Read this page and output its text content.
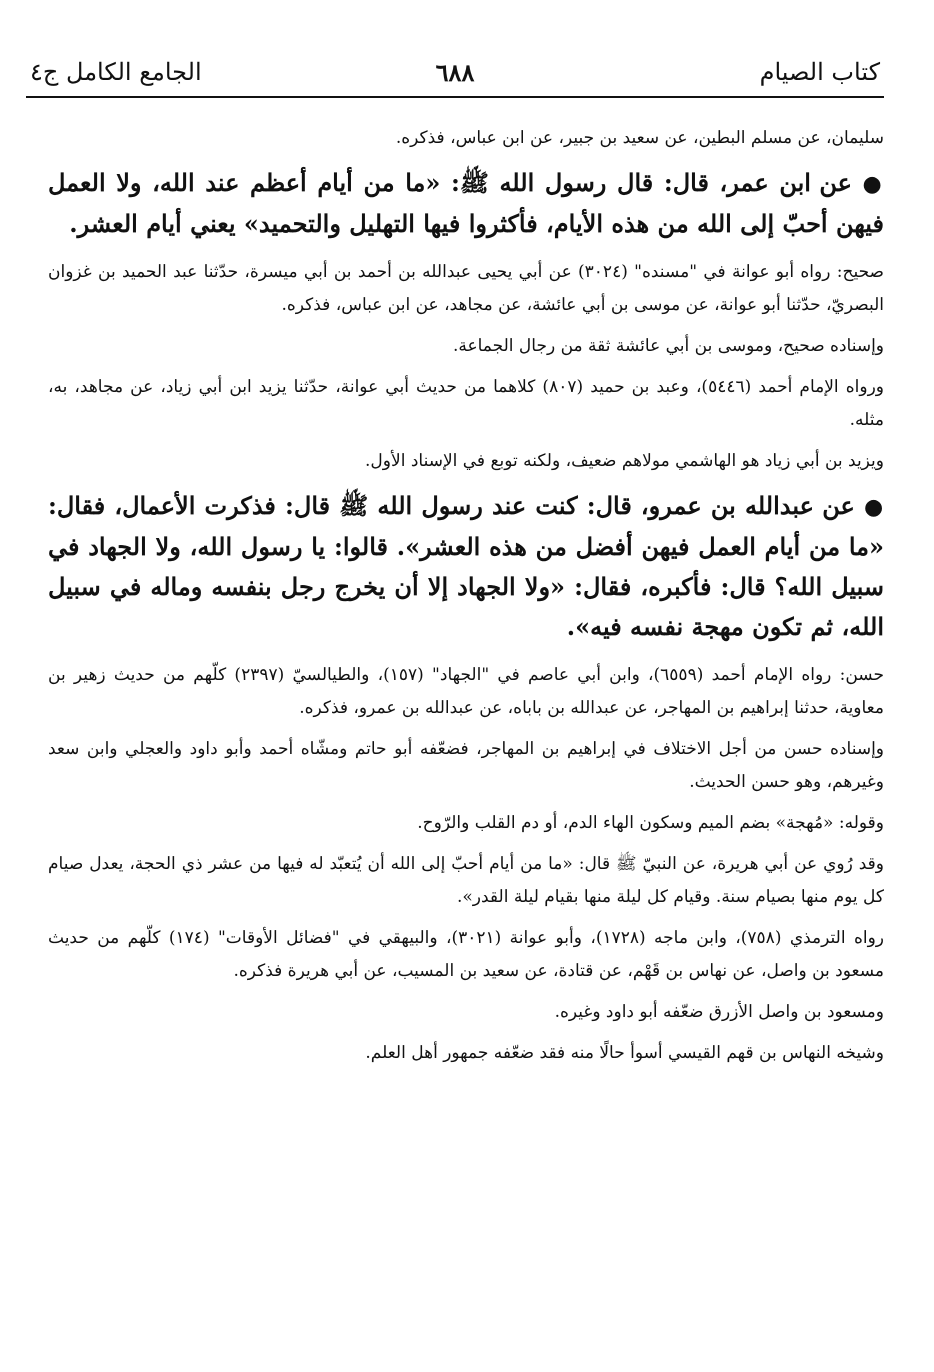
كتاب الصيام
٦٨٨
الجامع الكامل ج٤

سليمان، عن مسلم البطين، عن سعيد بن جبير، عن ابن عباس، فذكره.

● عن ابن عمر، قال: قال رسول الله ﷺ: «ما من أيام أعظم عند الله، ولا العمل فيهن أحبّ إلى الله من هذه الأيام، فأكثروا فيها التهليل والتحميد» يعني أيام العشر.

صحيح: رواه أبو عوانة في "مسنده" (٣٠٢٤) عن أبي يحيى عبدالله بن أحمد بن أبي ميسرة، حدّثنا عبد الحميد بن غزوان البصريّ، حدّثنا أبو عوانة، عن موسى بن أبي عائشة، عن مجاهد، عن ابن عباس، فذكره.

وإسناده صحيح، وموسى بن أبي عائشة ثقة من رجال الجماعة.

ورواه الإمام أحمد (٥٤٤٦)، وعبد بن حميد (٨٠٧) كلاهما من حديث أبي عوانة، حدّثنا يزيد ابن أبي زياد، عن مجاهد، به، مثله.

ويزيد بن أبي زياد هو الهاشمي مولاهم ضعيف، ولكنه توبع في الإسناد الأول.

● عن عبدالله بن عمرو، قال: كنت عند رسول الله ﷺ قال: فذكرت الأعمال، فقال: «ما من أيام العمل فيهن أفضل من هذه العشر». قالوا: يا رسول الله، ولا الجهاد في سبيل الله؟ قال: فأكبره، فقال: «ولا الجهاد إلا أن يخرج رجل بنفسه وماله في سبيل الله، ثم تكون مهجة نفسه فيه».

حسن: رواه الإمام أحمد (٦٥٥٩)، وابن أبي عاصم في "الجهاد" (١٥٧)، والطيالسيّ (٢٣٩٧) كلّهم من حديث زهير بن معاوية، حدثنا إبراهيم بن المهاجر، عن عبدالله بن باباه، عن عبدالله بن عمرو، فذكره.

وإسناده حسن من أجل الاختلاف في إبراهيم بن المهاجر، فضعّفه أبو حاتم ومشّاه أحمد وأبو داود والعجلي وابن سعد وغيرهم، وهو حسن الحديث.

وقوله: «مُهجة» بضم الميم وسكون الهاء الدم، أو دم القلب والرّوح.

وقد رُوي عن أبي هريرة، عن النبيّ ﷺ قال: «ما من أيام أحبّ إلى الله أن يُتعبّد له فيها من عشر ذي الحجة، يعدل صيام كل يوم منها بصيام سنة. وقيام كل ليلة منها بقيام ليلة القدر».

رواه الترمذي (٧٥٨)، وابن ماجه (١٧٢٨)، وأبو عوانة (٣٠٢١)، والبيهقي في "فضائل الأوقات" (١٧٤) كلّهم من حديث مسعود بن واصل، عن نهاس بن قَهْم، عن قتادة، عن سعيد بن المسيب، عن أبي هريرة فذكره.

ومسعود بن واصل الأزرق ضعّفه أبو داود وغيره.

وشيخه النهاس بن قهم القيسي أسوأ حالًا منه فقد ضعّفه جمهور أهل العلم.
